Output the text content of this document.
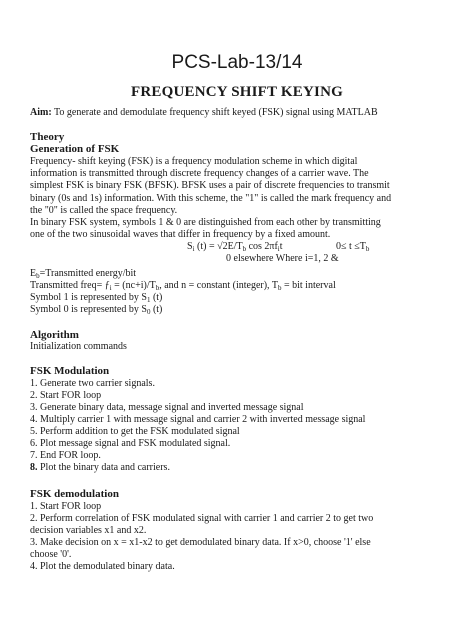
PCS-Lab-13/14
FREQUENCY SHIFT KEYING
Aim: To generate and demodulate frequency shift keyed (FSK) signal using MATLAB
Theory
Generation of FSK
Frequency- shift keying (FSK) is a frequency modulation scheme in which digital
information is transmitted through discrete frequency changes of a carrier wave. The
simplest FSK is binary FSK (BFSK). BFSK uses a pair of discrete frequencies to transmit
binary (0s and 1s) information. With this scheme, the "1" is called the mark frequency and
the "0" is called the space frequency.
In binary FSK system, symbols 1 & 0 are distinguished from each other by transmitting
one of the two sinusoidal waves that differ in frequency by a fixed amount.
$S_i$ $(t) = √2E/T_b$ $\cos 2\pi f_it$	$0\le t \le T_b$
0 elsewhere Where i=1, 2 &
$E_b=Transmitted$ energy/bit
Transmitted freq= $ƒ_i = (nc+i)/T_b$, and n = constant (integer), $T_b$ = bit interval
Symbol 1 is represented by $S_1$ (t)
Symbol 0 is represented by $S_0$ (t)
Algorithm
Initialization commands
FSK Modulation
1. Generate two carrier signals.
2. Start FOR loop
3. Generate binary data, message signal and inverted message signal
4. Multiply carrier 1 with message signal and carrier 2 with inverted message signal
5. Perform addition to get the FSK modulated signal
6. Plot message signal and FSK modulated signal.
7. End FOR loop.
8. Plot the binary data and carriers.
FSK demodulation
1. Start FOR loop
2. Perform correlation of FSK modulated signal with carrier 1 and carrier 2 to get two
decision variables x1 and x2.
3. Make decision on x = x1-x2 to get demodulated binary data. If x>0, choose '1' else
choose '0'.
4. Plot the demodulated binary data.
